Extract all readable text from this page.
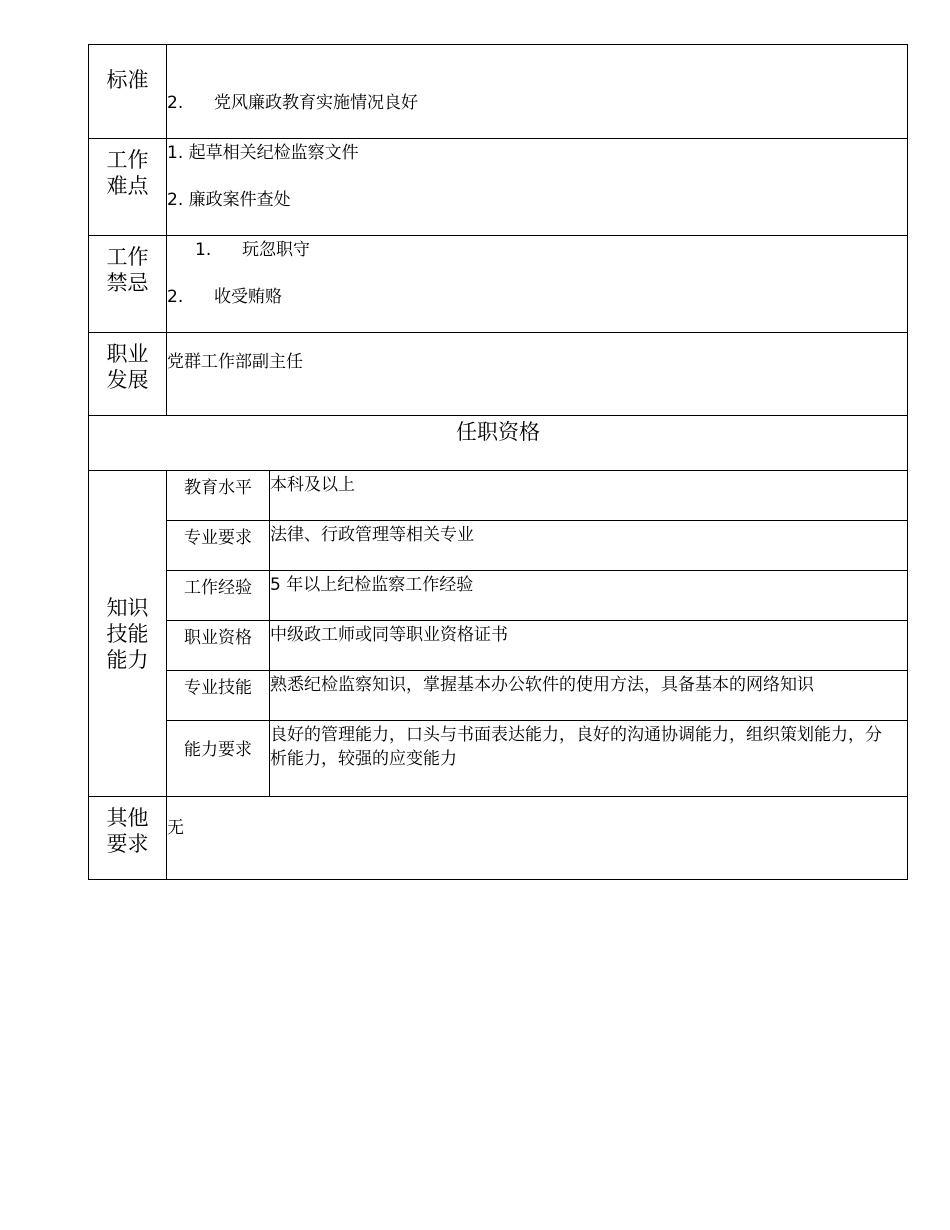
标准	2. 党风廉政教育实施情况良好	

工作
难点	1. 起草相关纪检监察文件
2. 廉政案件查处	

工作
禁忌	1. 玩忽职守
2. 收受贿赂	

职业
发展	党群工作部副主任	

任职资格		

知识
技能
能力	教育水平	本科及以上
	专业要求	法律、行政管理等相关专业
	工作经验	5 年以上纪检监察工作经验
	职业资格	中级政工师或同等职业资格证书
	专业技能	熟悉纪检监察知识，掌握基本办公软件的使用方法，具备基本的网络知识
	能力要求	良好的管理能力，口头与书面表达能力，良好的沟通协调能力，组织策划能力，分析能力，较强的应变能力

其他
要求	无	
